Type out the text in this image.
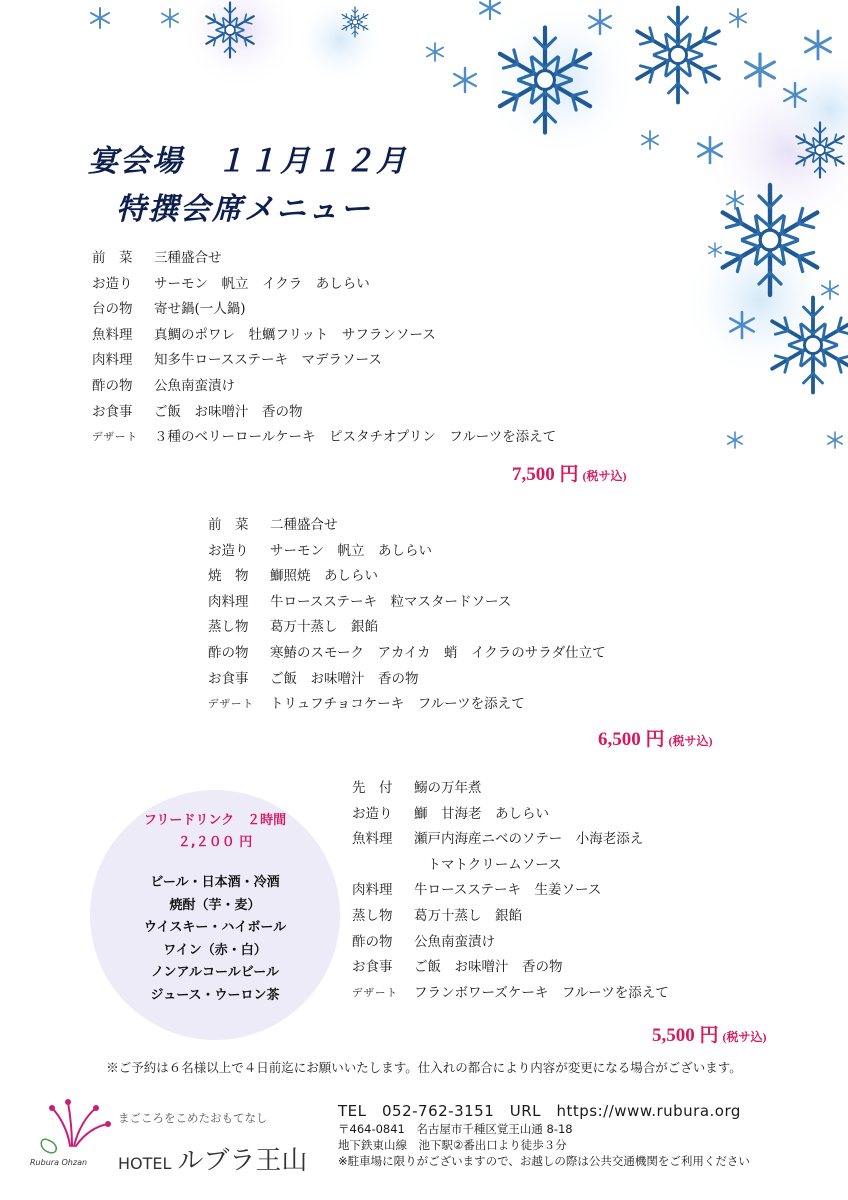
宴会場　１１月１２月
特撰会席メニュー
前　菜	三種盛合せ
お造り	サーモン　帆立　イクラ　あしらい
台の物	寄せ鍋(一人鍋)
魚料理	真鯛のポワレ　牡蠣フリット　サフランソース
肉料理	知多牛ロースステーキ　マデラソース
酢の物	公魚南蛮漬け
お食事	ご飯　お味噌汁　香の物
デザート	３種のベリーロールケーキ　ピスタチオプリン　フルーツを添えて
7,500 円 (税サ込)
前　菜	二種盛合せ
お造り	サーモン　帆立　あしらい
焼　物	鰤照焼　あしらい
肉料理	牛ロースステーキ　粒マスタードソース
蒸し物	葛万十蒸し　銀餡
酢の物	寒鰆のスモーク　アカイカ　蛸　イクラのサラダ仕立て
お食事	ご飯　お味噌汁　香の物
デザート	トリュフチョコケーキ　フルーツを添えて
6,500 円 (税サ込)
フリードリンク　２時間
２,２００ 円
ビール・日本酒・冷酒
焼酎（芋・麦）
ウイスキー・ハイボール
ワイン（赤・白）
ノンアルコールビール
ジュース・ウーロン茶
先　付	鰯の万年煮
お造り	鰤　甘海老　あしらい
魚料理	瀬戸内海産ニベのソテー　小海老添え
　トマトクリームソース
肉料理	牛ロースステーキ　生姜ソース
蒸し物	葛万十蒸し　銀餡
酢の物	公魚南蛮漬け
お食事	ご飯　お味噌汁　香の物
デザート	フランボワーズケーキ　フルーツを添えて
5,500 円 (税サ込)
※ご予約は６名様以上で４日前迄にお願いいたします。仕入れの都合により内容が変更になる場合がございます。
Rubura Ohzan
まごころをこめたおもてなし
HOTEL ルブラ王山
TEL　052-762-3151　URL　https://www.rubura.org
〒464-0841　名古屋市千種区覚王山通 8-18
地下鉄東山線　池下駅②番出口より徒歩３分
※駐車場に限りがございますので、お越しの際は公共交通機関をご利用ください
